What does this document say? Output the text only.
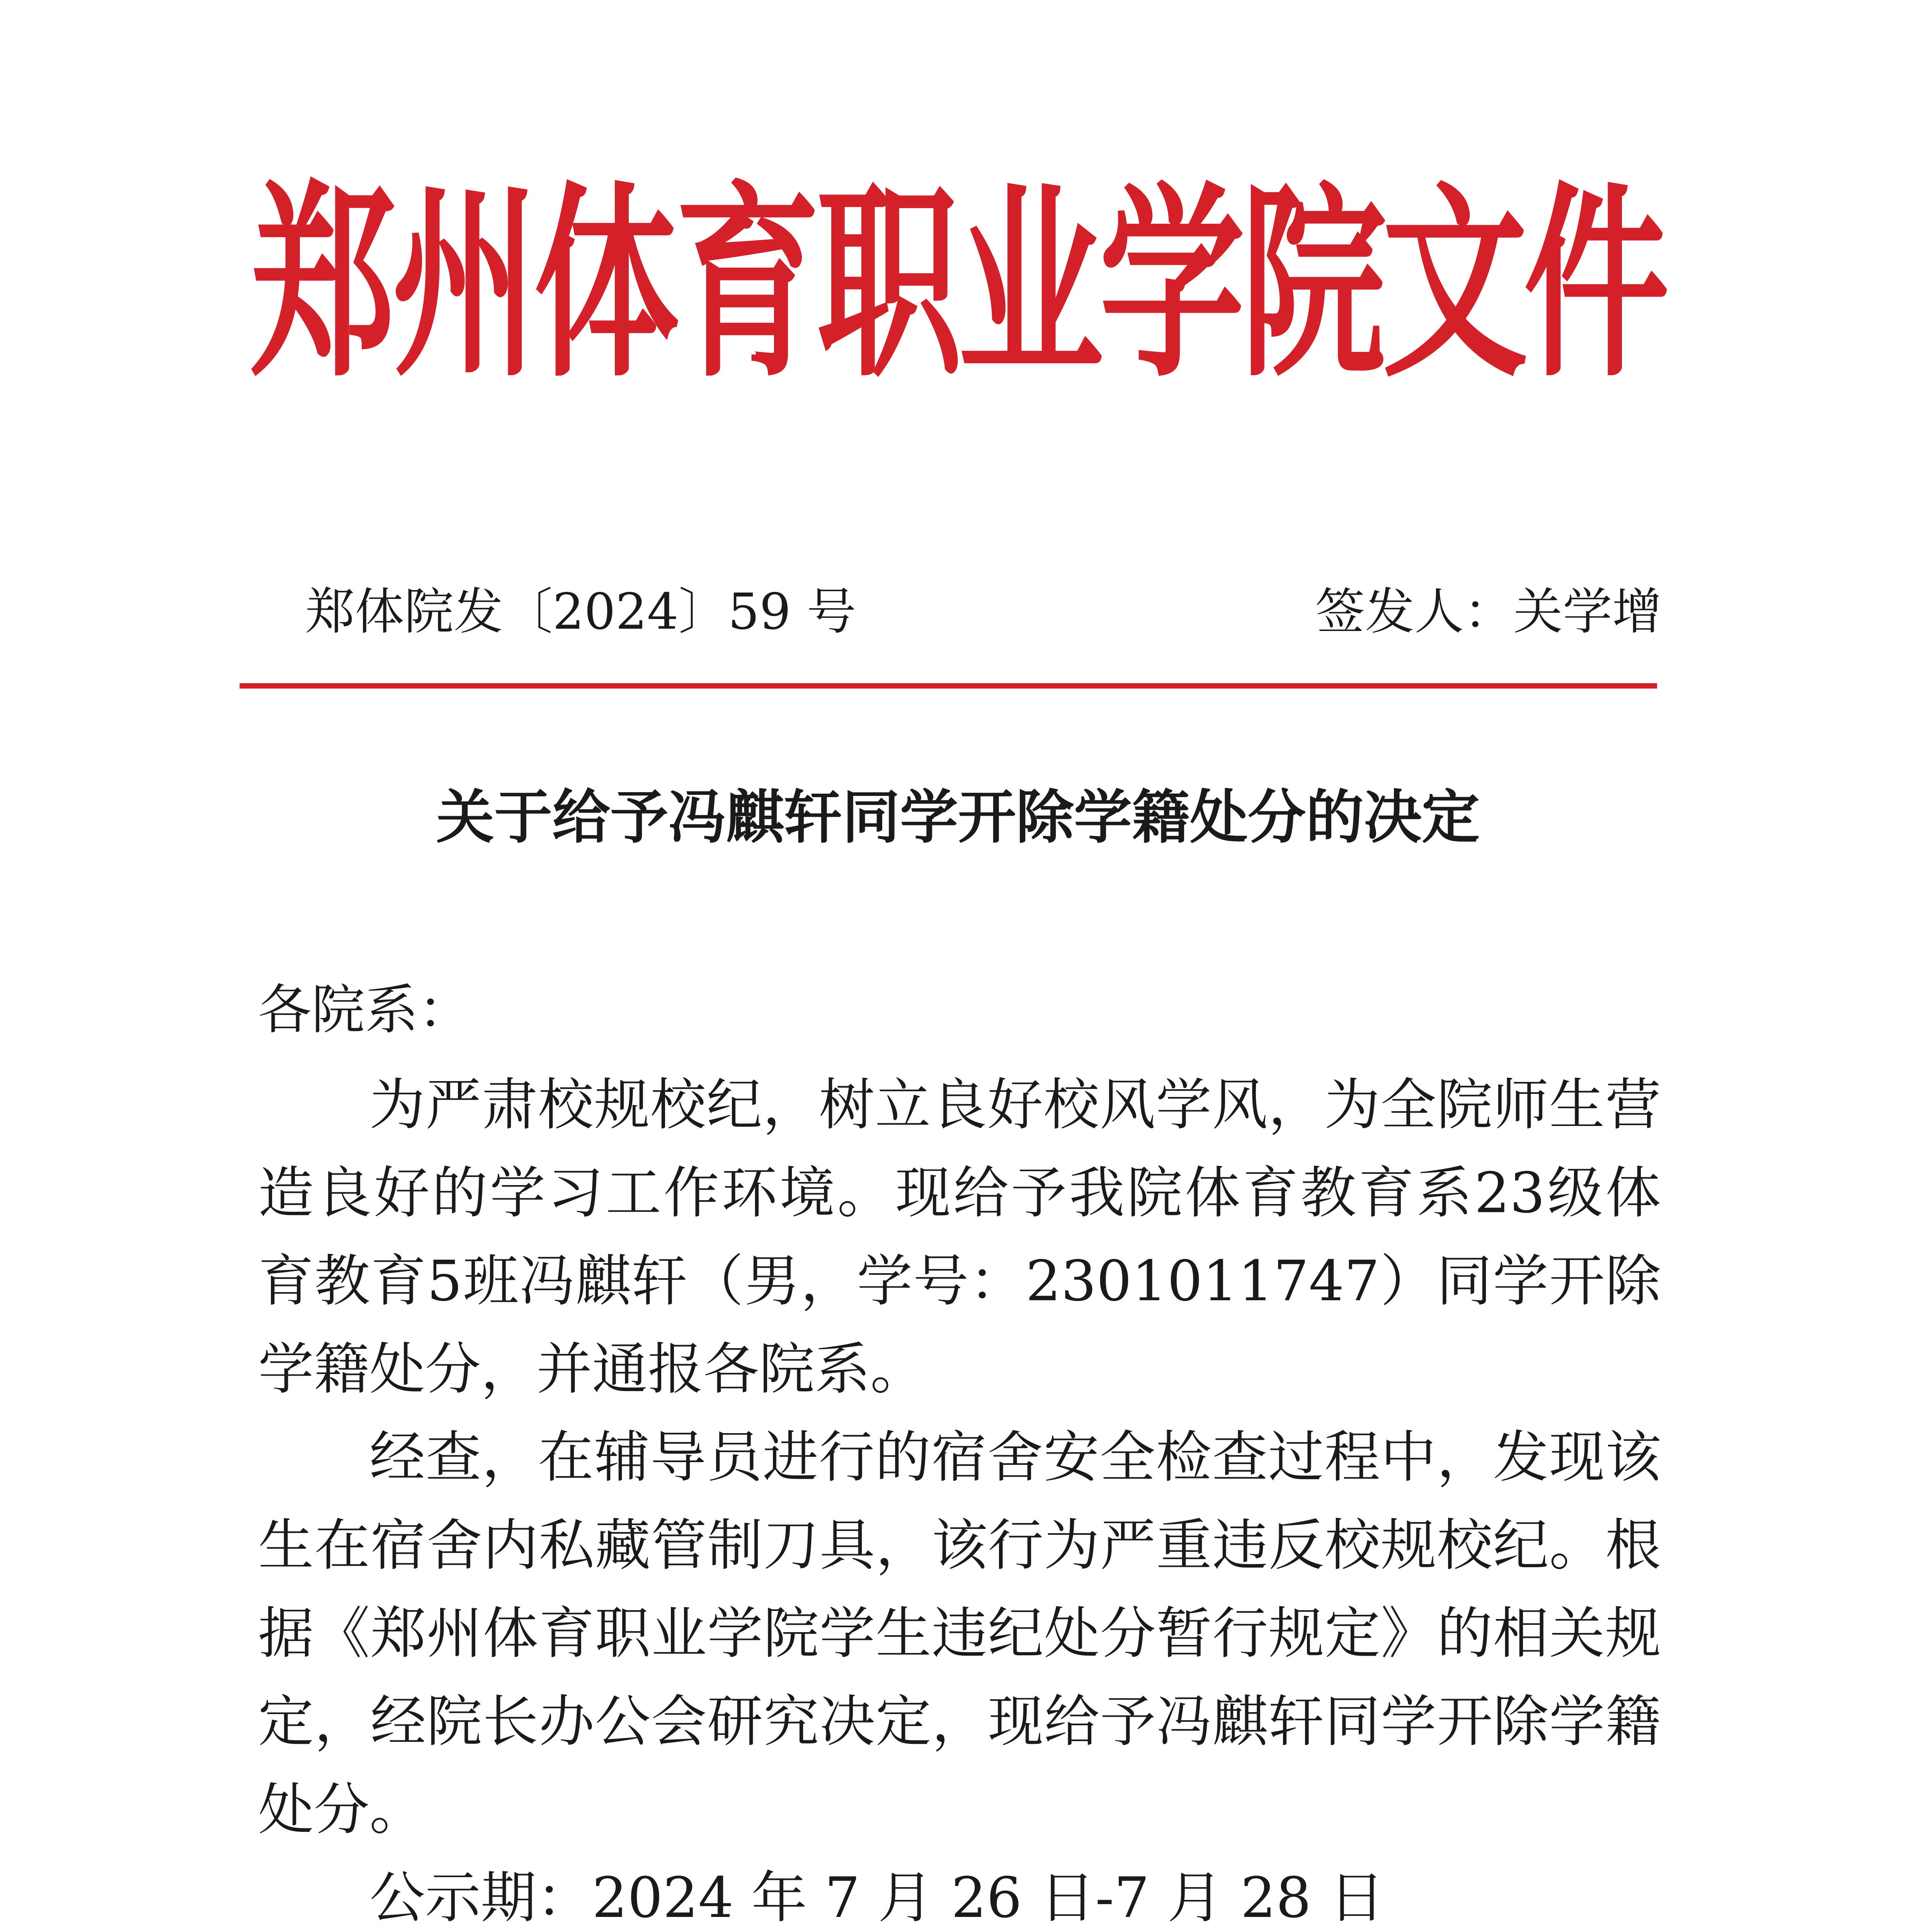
郑州体育职业学院文件
郑体院发〔2024〕59 号	签发人：关学增
关于给予冯麒轩同学开除学籍处分的决定
各院系：

为严肃校规校纪，树立良好校风学风，为全院师生营造良好的学习工作环境。现给予我院体育教育系23级体育教育5班冯麒轩（男，学号：2301011747）同学开除学籍处分，并通报各院系。

经查，在辅导员进行的宿舍安全检查过程中，发现该生在宿舍内私藏管制刀具，该行为严重违反校规校纪。根据《郑州体育职业学院学生违纪处分暂行规定》的相关规定，经院长办公会研究决定，现给予冯麒轩同学开除学籍处分。

公示期：2024 年 7 月 26 日-7 月 28 日
